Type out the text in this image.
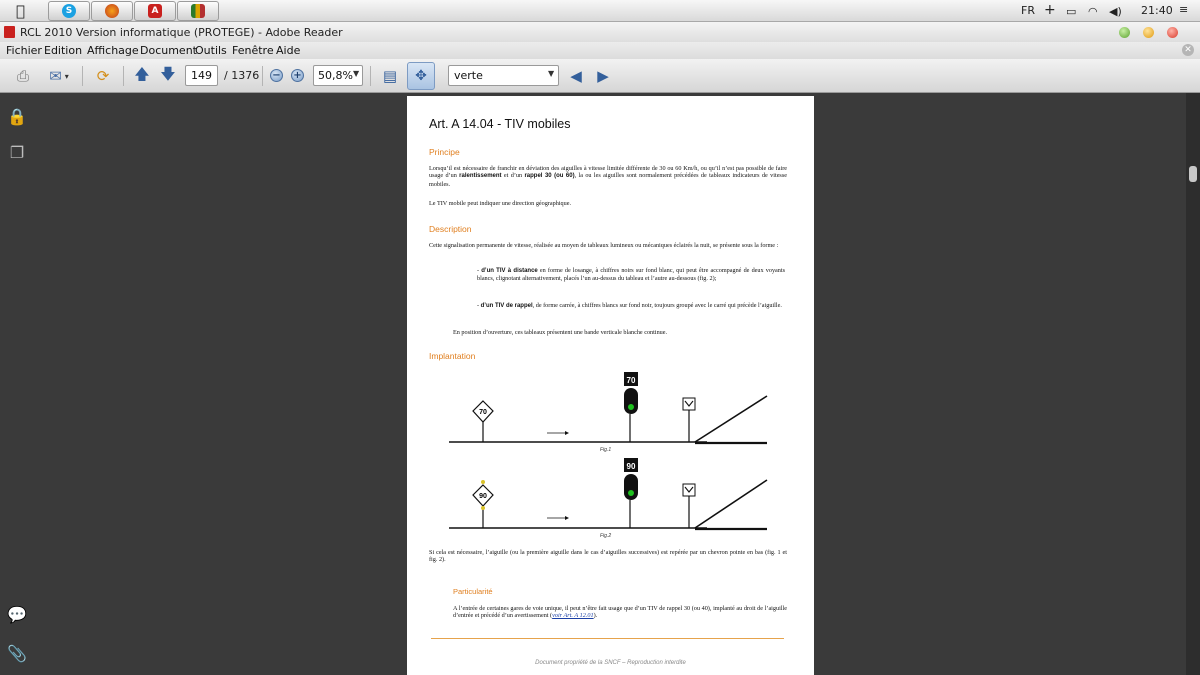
S	A	FR + ▭ ◠ ◀) 21:40 ≡
RCL 2010 Version informatique (PROTEGE) - Adobe Reader
Fichier Edition Affichage Document
Outils Fenêtre Aide	✕
⎙ ✉ ▾ ⟳ 🡅 🡇	149	/ 1376 − +	50,8% ▼ ▤ ✥	verte	▼ ◀ ▶
🔒
❐
💬
📎
Art. A 14.04 - TIV mobiles
Principe
Lorsqu’il est nécessaire de franchir en déviation des aiguilles à vitesse limitée différente de 30 ou 60 Km/h, ou qu’il n’est pas possible de faire usage d’un ralentissement et d’un rappel 30 (ou 60), la ou les aiguilles sont normalement précédées de tableaux indicateurs de vitesse mobiles.
Le TIV mobile peut indiquer une direction géographique.
Description
Cette signalisation permanente de vitesse, réalisée au moyen de tableaux lumineux ou mécaniques éclairés la nuit, se présente sous la forme :
- d’un TIV à distance en forme de losange, à chiffres noirs sur fond blanc, qui peut être accompagné de deux voyants blancs, clignotant alternativement, placés l’un au-dessus du tableau et l’autre au-dessous (fig. 2);
- d’un TIV de rappel, de forme carrée, à chiffres blancs sur fond noir, toujours groupé avec le carré qui précède l’aiguille.
En position d’ouverture, ces tableaux présentent une bande verticale blanche continue.
Implantation
70
70
Fig.1
90
90
Fig.2
Si cela est nécessaire, l’aiguille (ou la première aiguille dans le cas d’aiguilles successives) est repérée par un chevron pointe en bas (fig. 1 et fig. 2).
Particularité
A l’entrée de certaines gares de voie unique, il peut n’être fait usage que d’un TIV de rappel 30 (ou 40), implanté au droit de l’aiguille d’entrée et précédé d’un avertissement (voir Art. A 12.01).
Document propriété de la SNCF – Reproduction interdite
